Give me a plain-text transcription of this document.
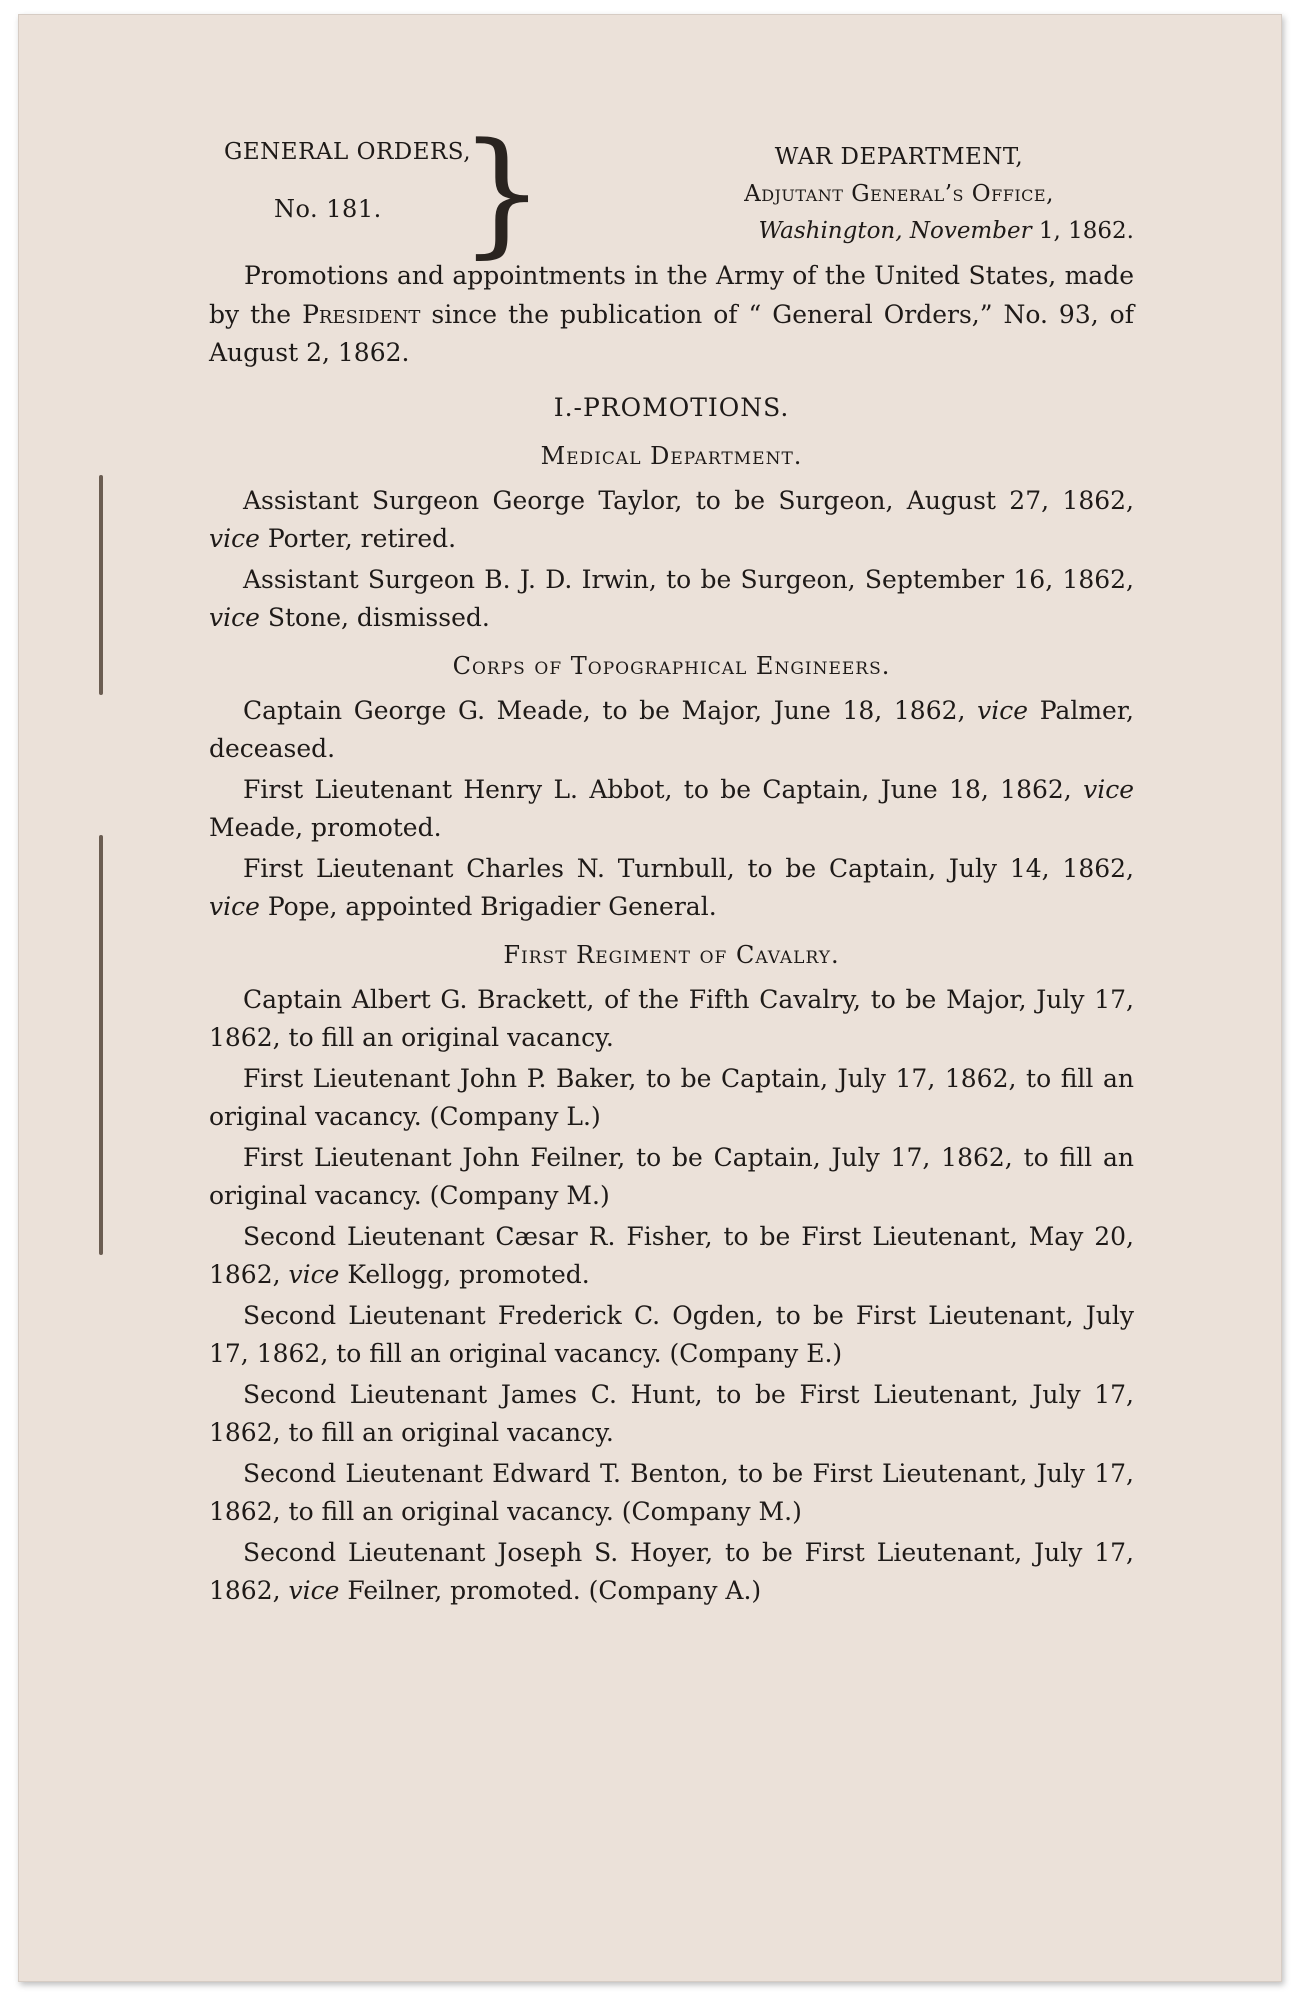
GENERAL ORDERS,
No. 181. }	WAR DEPARTMENT,
Adjutant General’s Office,
Washington, November 1, 1862.

Promotions and appointments in the Army of the United States, made by the President since the publication of “ General Orders,” No. 93, of August 2, 1862.

I.-PROMOTIONS.
Medical Department.

Assistant Surgeon George Taylor, to be Surgeon, August 27, 1862, vice Porter, retired.

Assistant Surgeon B. J. D. Irwin, to be Surgeon, September 16, 1862, vice Stone, dismissed.

Corps of Topographical Engineers.

Captain George G. Meade, to be Major, June 18, 1862, vice Palmer, deceased.

First Lieutenant Henry L. Abbot, to be Captain, June 18, 1862, vice Meade, promoted.

First Lieutenant Charles N. Turnbull, to be Captain, July 14, 1862, vice Pope, appointed Brigadier General.

First Regiment of Cavalry.

Captain Albert G. Brackett, of the Fifth Cavalry, to be Major, July 17, 1862, to fill an original vacancy.

First Lieutenant John P. Baker, to be Captain, July 17, 1862, to fill an original vacancy. (Company L.)

First Lieutenant John Feilner, to be Captain, July 17, 1862, to fill an original vacancy. (Company M.)

Second Lieutenant Cæsar R. Fisher, to be First Lieutenant, May 20, 1862, vice Kellogg, promoted.

Second Lieutenant Frederick C. Ogden, to be First Lieutenant, July 17, 1862, to fill an original vacancy. (Company E.)

Second Lieutenant James C. Hunt, to be First Lieutenant, July 17, 1862, to fill an original vacancy.

Second Lieutenant Edward T. Benton, to be First Lieutenant, July 17, 1862, to fill an original vacancy. (Company M.)

Second Lieutenant Joseph S. Hoyer, to be First Lieutenant, July 17, 1862, vice Feilner, promoted. (Company A.)
